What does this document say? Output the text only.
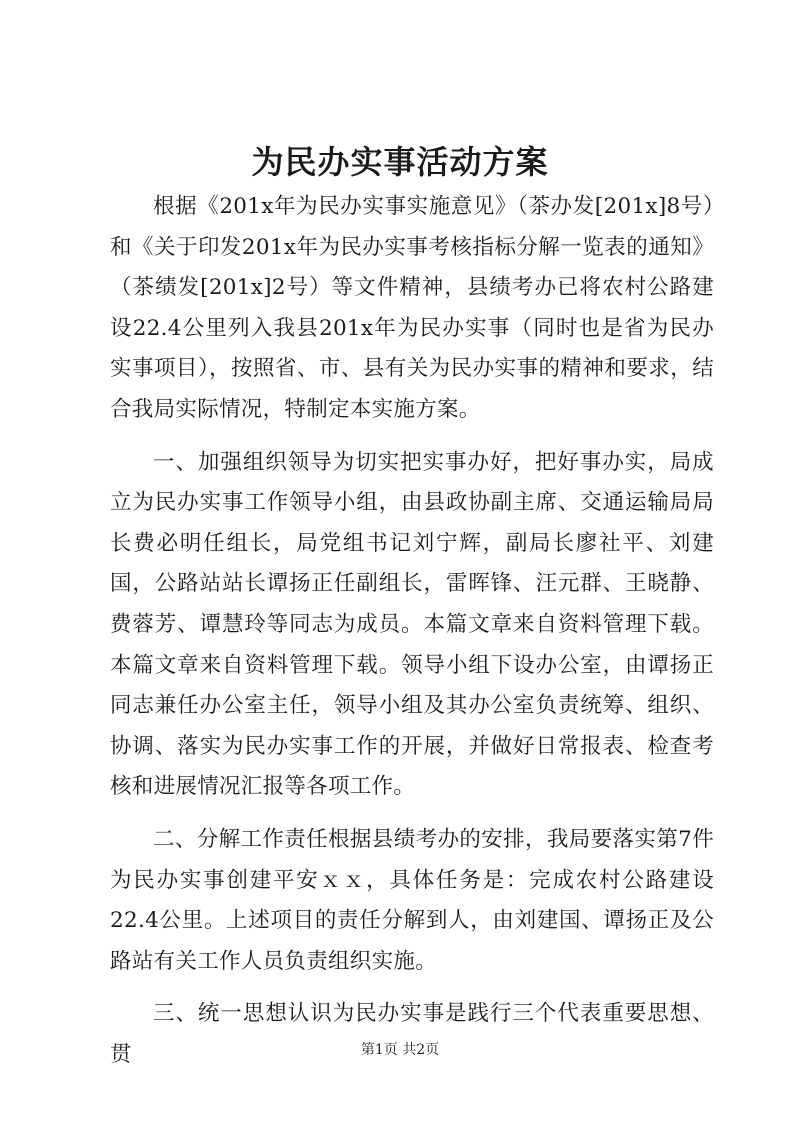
为民办实事活动方案

根据《201x年为民办实事实施意见》（茶办发[201x]8号）和《关于印发201x年为民办实事考核指标分解一览表的通知》（茶绩发[201x]2号）等文件精神，县绩考办已将农村公路建设22.4公里列入我县201x年为民办实事（同时也是省为民办实事项目），按照省、市、县有关为民办实事的精神和要求，结合我局实际情况，特制定本实施方案。

一、加强组织领导为切实把实事办好，把好事办实，局成立为民办实事工作领导小组，由县政协副主席、交通运输局局长费必明任组长，局党组书记刘宁辉，副局长廖社平、刘建国，公路站站长谭扬正任副组长，雷晖锋、汪元群、王晓静、费蓉芳、谭慧玲等同志为成员。本篇文章来自资料管理下载。本篇文章来自资料管理下载。领导小组下设办公室，由谭扬正同志兼任办公室主任，领导小组及其办公室负责统筹、组织、协调、落实为民办实事工作的开展，并做好日常报表、检查考核和进展情况汇报等各项工作。

二、分解工作责任根据县绩考办的安排，我局要落实第7件为民办实事创建平安ｘｘ，具体任务是：完成农村公路建设22.4公里。上述项目的责任分解到人，由刘建国、谭扬正及公路站有关工作人员负责组织实施。

三、统一思想认识为民办实事是践行三个代表重要思想、贯	第1页 共2页
